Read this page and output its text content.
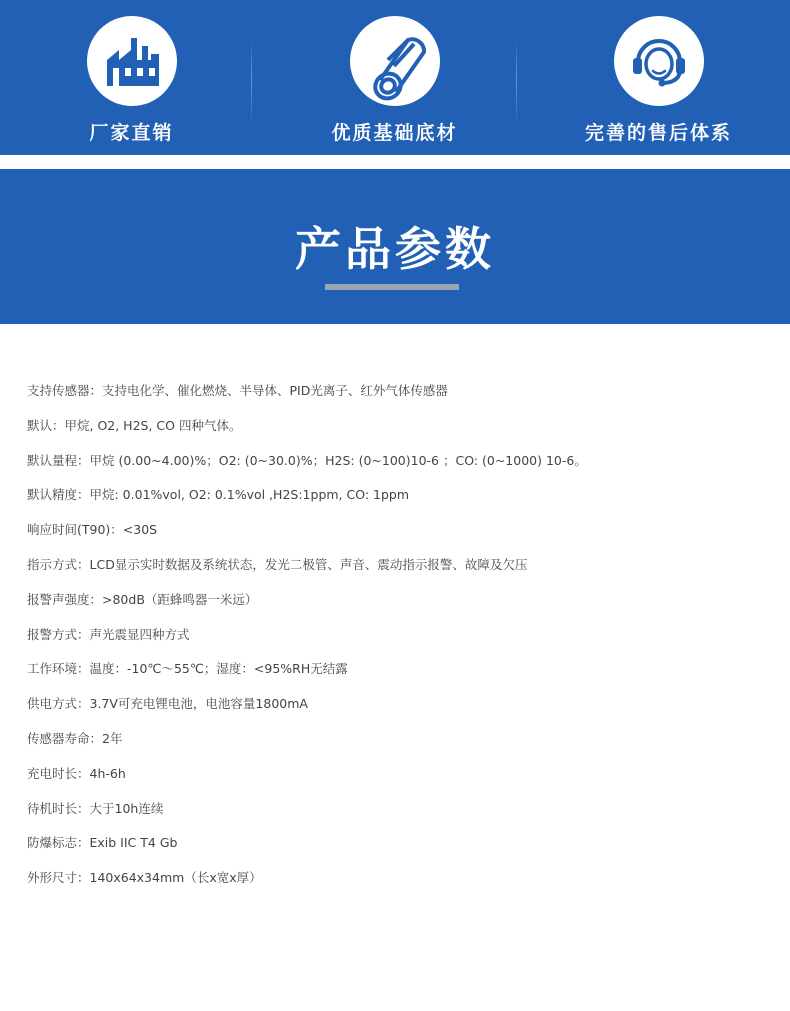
厂家直销	优质基础底材	完善的售后体系
产品参数
支持传感器：支持电化学、催化燃烧、半导体、PID光离子、红外气体传感器
默认：甲烷, O2, H2S, CO 四种气体。
默认量程：甲烷 (0.00~4.00)%；O2: (0~30.0)%；H2S: (0~100)10-6 ；CO: (0~1000) 10-6。
默认精度：甲烷: 0.01%vol, O2: 0.1%vol ,H2S:1ppm, CO: 1ppm
响应时间(T90)：<30S
指示方式：LCD显示实时数据及系统状态，发光二极管、声音、震动指示报警、故障及欠压
报警声强度：>80dB（距蜂鸣器一米远）
报警方式：声光震显四种方式
工作环境：温度：-10℃～55℃；湿度：<95%RH无结露
供电方式：3.7V可充电锂电池，电池容量1800mA
传感器寿命：2年
充电时长：4h-6h
待机时长：大于10h连续
防爆标志：Exib IIC T4 Gb
外形尺寸：140x64x34mm（长x宽x厚）
